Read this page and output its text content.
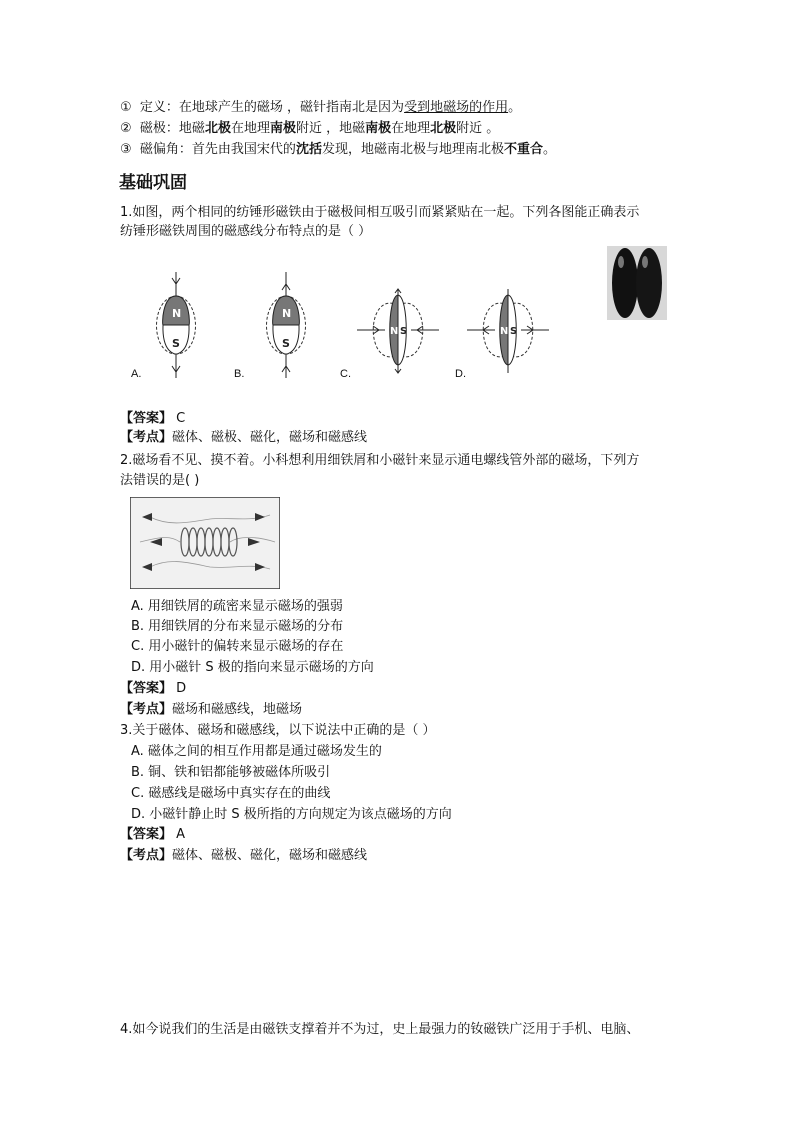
① 定义：在地球产生的磁场 ，磁针指南北是因为受到地磁场的作用。
② 磁极：地磁北极在地理南极附近 ，地磁南极在地理北极附近 。
③ 磁偏角：首先由我国宋代的沈括发现，地磁南北极与地理南北极不重合。
基础巩固
1.如图，两个相同的纺锤形磁铁由于磁极间相互吸引而紧紧贴在一起。下列各图能正确表示
纺锤形磁铁周围的磁感线分布特点的是（ ）
N
S
A.
N
S
B.
N S
C.
N S
D.
【答案】 C
【考点】磁体、磁极、磁化，磁场和磁感线
2.磁场看不见、摸不着。小科想利用细铁屑和小磁针来显示通电螺线管外部的磁场，下列方
法错误的是( )
A. 用细铁屑的疏密来显示磁场的强弱
B. 用细铁屑的分布来显示磁场的分布
C. 用小磁针的偏转来显示磁场的存在
D. 用小磁针 S 极的指向来显示磁场的方向
【答案】 D
【考点】磁场和磁感线，地磁场
3.关于磁体、磁场和磁感线，以下说法中正确的是（ ）
A. 磁体之间的相互作用都是通过磁场发生的
B. 铜、铁和铝都能够被磁体所吸引
C. 磁感线是磁场中真实存在的曲线
D. 小磁针静止时 S 极所指的方向规定为该点磁场的方向
【答案】 A
【考点】磁体、磁极、磁化，磁场和磁感线
4.如今说我们的生活是由磁铁支撑着并不为过，史上最强力的钕磁铁广泛用于手机、电脑、
